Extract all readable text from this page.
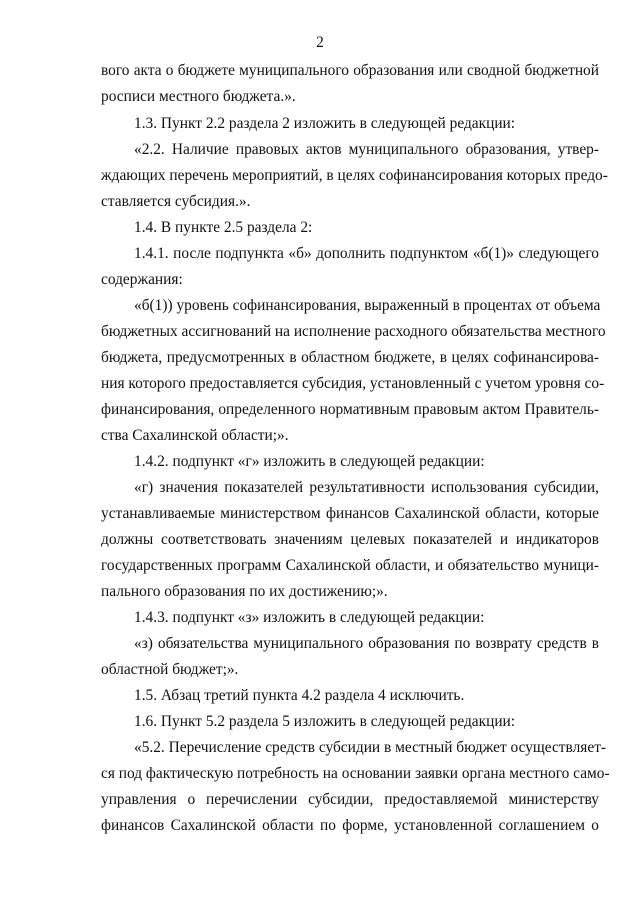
2
вого акта о бюджете муниципального образования или сводной бюджетной
росписи местного бюджета.».
1.3. Пункт 2.2 раздела 2 изложить в следующей редакции:
«2.2. Наличие правовых актов муниципального образования, утвер-
ждающих перечень мероприятий, в целях софинансирования которых предо-
ставляется субсидия.».
1.4. В пункте 2.5 раздела 2:
1.4.1. после подпункта «б» дополнить подпунктом «б(1)» следующего
содержания:
«б(1)) уровень софинансирования, выраженный в процентах от объема
бюджетных ассигнований на исполнение расходного обязательства местного
бюджета, предусмотренных в областном бюджете, в целях софинансирова-
ния которого предоставляется субсидия, установленный с учетом уровня со-
финансирования, определенного нормативным правовым актом Правитель-
ства Сахалинской области;».
1.4.2. подпункт «г» изложить в следующей редакции:
«г) значения показателей результативности использования субсидии,
устанавливаемые министерством финансов Сахалинской области, которые
должны соответствовать значениям целевых показателей и индикаторов
государственных программ Сахалинской области, и обязательство муници-
пального образования по их достижению;».
1.4.3. подпункт «з» изложить в следующей редакции:
«з) обязательства муниципального образования по возврату средств в
областной бюджет;».
1.5. Абзац третий пункта 4.2 раздела 4 исключить.
1.6. Пункт 5.2 раздела 5 изложить в следующей редакции:
«5.2. Перечисление средств субсидии в местный бюджет осуществляет-
ся под фактическую потребность на основании заявки органа местного само-
управления о перечислении субсидии, предоставляемой министерству
финансов Сахалинской области по форме, установленной соглашением о
